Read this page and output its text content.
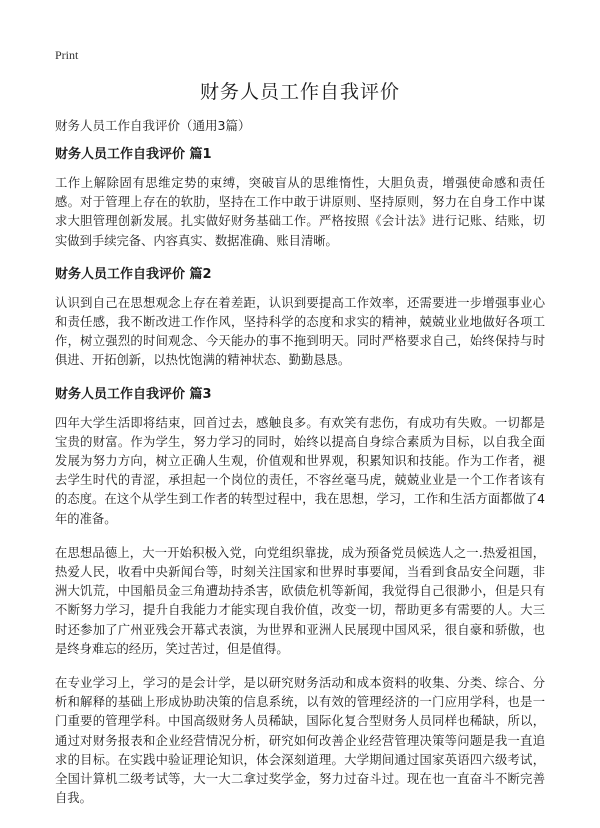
Print
财务人员工作自我评价

财务人员工作自我评价（通用3篇）

财务人员工作自我评价 篇1

工作上解除固有思维定势的束缚，突破盲从的思维惰性，大胆负责，增强使命感和责任感。对于管理上存在的软肋，坚持在工作中敢于讲原则、坚持原则，努力在自身工作中谋求大胆管理创新发展。扎实做好财务基础工作。严格按照《会计法》进行记账、结账，切实做到手续完备、内容真实、数据准确、账目清晰。

财务人员工作自我评价 篇2

认识到自己在思想观念上存在着差距，认识到要提高工作效率，还需要进一步增强事业心和责任感，我不断改进工作作风，坚持科学的态度和求实的精神，兢兢业业地做好各项工作，树立强烈的时间观念、今天能办的事不拖到明天。同时严格要求自己，始终保持与时俱进、开拓创新，以热忱饱满的精神状态、勤勤恳恳。

财务人员工作自我评价 篇3

四年大学生活即将结束，回首过去，感触良多。有欢笑有悲伤，有成功有失败。一切都是宝贵的财富。作为学生，努力学习的同时，始终以提高自身综合素质为目标，以自我全面发展为努力方向，树立正确人生观，价值观和世界观，积累知识和技能。作为工作者，褪去学生时代的青涩，承担起一个岗位的责任，不容丝毫马虎，兢兢业业是一个工作者该有的态度。在这个从学生到工作者的转型过程中，我在思想，学习，工作和生活方面都做了4年的准备。

在思想品德上，大一开始积极入党，向党组织靠拢，成为预备党员候选人之一.热爱祖国，热爱人民，收看中央新闻台等，时刻关注国家和世界时事要闻，当看到食品安全问题，非洲大饥荒，中国船员金三角遭劫持杀害，欧债危机等新闻，我觉得自己很渺小，但是只有不断努力学习，提升自我能力才能实现自我价值，改变一切，帮助更多有需要的人。大三时还参加了广州亚残会开幕式表演，为世界和亚洲人民展现中国风采，很自豪和骄傲，也是终身难忘的经历，笑过苦过，但是值得。

在专业学习上，学习的是会计学，是以研究财务活动和成本资料的收集、分类、综合、分析和解释的基础上形成协助决策的信息系统，以有效的管理经济的一门应用学科，也是一门重要的管理学科。中国高级财务人员稀缺，国际化复合型财务人员同样也稀缺，所以，通过对财务报表和企业经营情况分析，研究如何改善企业经营管理决策等问题是我一直追求的目标。在实践中验证理论知识，体会深刻道理。大学期间通过国家英语四六级考试，全国计算机二级考试等，大一大二拿过奖学金，努力过奋斗过。现在也一直奋斗不断完善自我。
